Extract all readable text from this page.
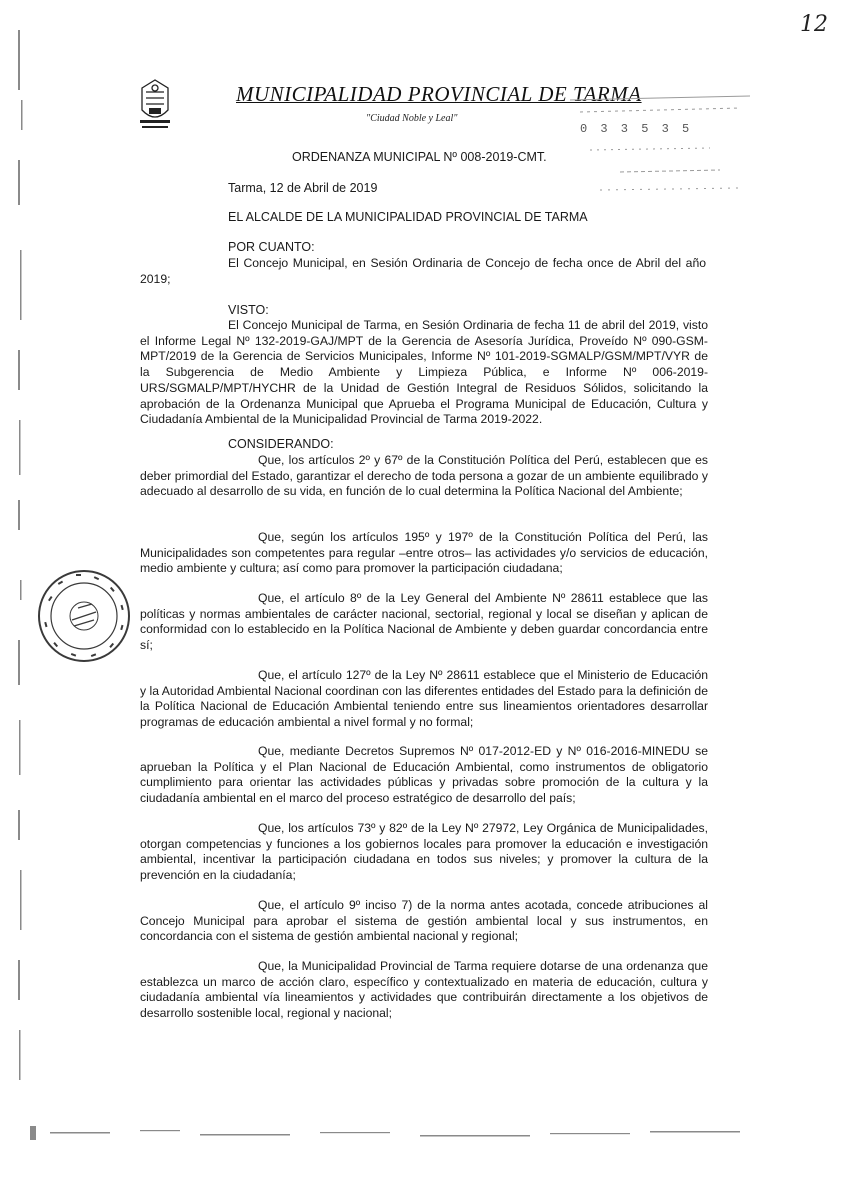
12
MUNICIPALIDAD PROVINCIAL DE TARMA
"Ciudad Noble y Leal"
0 3 3 5 3 5
ORDENANZA MUNICIPAL Nº 008-2019-CMT.
Tarma, 12 de Abril de 2019
EL ALCALDE DE LA MUNICIPALIDAD PROVINCIAL DE TARMA
POR CUANTO:
El Concejo Municipal, en Sesión Ordinaria de Concejo de fecha once de Abril del año 2019;
VISTO:
El Concejo Municipal de Tarma, en Sesión Ordinaria de fecha 11 de abril del 2019, visto el Informe Legal Nº 132-2019-GAJ/MPT de la Gerencia de Asesoría Jurídica, Proveído Nº 090-GSM-MPT/2019 de la Gerencia de Servicios Municipales, Informe Nº 101-2019-SGMALP/GSM/MPT/VYR de la Subgerencia de Medio Ambiente y Limpieza Pública, e Informe Nº 006-2019-URS/SGMALP/MPT/HYCHR de la Unidad de Gestión Integral de Residuos Sólidos, solicitando la aprobación de la Ordenanza Municipal que Aprueba el Programa Municipal de Educación, Cultura y Ciudadanía Ambiental de la Municipalidad Provincial de Tarma 2019-2022.
CONSIDERANDO:
Que, los artículos 2º y 67º de la Constitución Política del Perú, establecen que es deber primordial del Estado, garantizar el derecho de toda persona a gozar de un ambiente equilibrado y adecuado al desarrollo de su vida, en función de lo cual determina la Política Nacional del Ambiente;
Que, según los artículos 195º y 197º de la Constitución Política del Perú, las Municipalidades son competentes para regular –entre otros– las actividades y/o servicios de educación, medio ambiente y cultura; así como para promover la participación ciudadana;
Que, el artículo 8º de la Ley General del Ambiente Nº 28611 establece que las políticas y normas ambientales de carácter nacional, sectorial, regional y local se diseñan y aplican de conformidad con lo establecido en la Política Nacional de Ambiente y deben guardar concordancia entre sí;
Que, el artículo 127º de la Ley Nº 28611 establece que el Ministerio de Educación y la Autoridad Ambiental Nacional coordinan con las diferentes entidades del Estado para la definición de la Política Nacional de Educación Ambiental teniendo entre sus lineamientos orientadores desarrollar programas de educación ambiental a nivel formal y no formal;
Que, mediante Decretos Supremos Nº 017-2012-ED y Nº 016-2016-MINEDU se aprueban la Política y el Plan Nacional de Educación Ambiental, como instrumentos de obligatorio cumplimiento para orientar las actividades públicas y privadas sobre promoción de la cultura y la ciudadanía ambiental en el marco del proceso estratégico de desarrollo del país;
Que, los artículos 73º y 82º de la Ley Nº 27972, Ley Orgánica de Municipalidades, otorgan competencias y funciones a los gobiernos locales para promover la educación e investigación ambiental, incentivar la participación ciudadana en todos sus niveles; y promover la cultura de la prevención en la ciudadanía;
Que, el artículo 9º inciso 7) de la norma antes acotada, concede atribuciones al Concejo Municipal para aprobar el sistema de gestión ambiental local y sus instrumentos, en concordancia con el sistema de gestión ambiental nacional y regional;
Que, la Municipalidad Provincial de Tarma requiere dotarse de una ordenanza que establezca un marco de acción claro, específico y contextualizado en materia de educación, cultura y ciudadanía ambiental vía lineamientos y actividades que contribuirán directamente a los objetivos de desarrollo sostenible local, regional y nacional;
